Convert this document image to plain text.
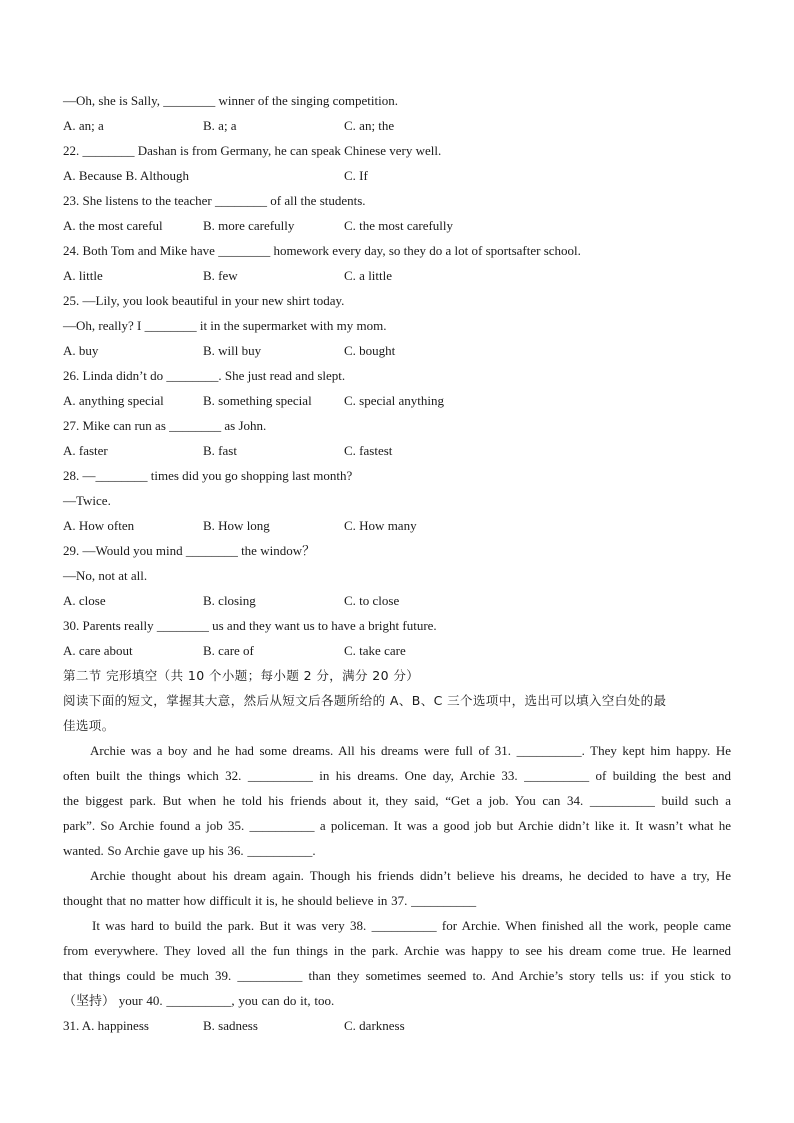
—Oh, she is Sally, ________ winner of the singing competition.
A. an; a	B. a; a	C. an; the
22. ________ Dashan is from Germany, he can speak Chinese very well.
A. Because B. Although	C. If
23. She listens to the teacher ________ of all the students.
A. the most careful	B. more carefully	C. the most carefully
24. Both Tom and Mike have ________ homework every day, so they do a lot of sportsafter school.
A. little	B. few	C. a little
25. —Lily, you look beautiful in your new shirt today.
—Oh, really? I ________ it in the supermarket with my mom.
A. buy	B. will buy	C. bought
26. Linda didn’t do ________. She just read and slept.
A. anything special	B. something special	C. special anything
27. Mike can run as ________ as John.
A. faster	B. fast	C. fastest
28. —________ times did you go shopping last month?
—Twice.
A. How often	B. How long	C. How many
29. —Would you mind ________ the window？
—No, not at all.
A. close	B. closing	C. to close
30. Parents really ________ us and they want us to have a bright future.
A. care about	B. care of	C. take care
第二节 完形填空（共 10 个小题；每小题 2 分，满分 20 分）
阅读下面的短文，掌握其大意，然后从短文后各题所给的 A、B、C 三个选项中，选出可以填入空白处的最
佳选项。
Archie was a boy and he had some dreams. All his dreams were full of 31. __________. They kept him happy. He
often built the things which 32. __________ in his dreams. One day, Archie 33. __________ of building the best and
the biggest park. But when he told his friends about it, they said, “Get a job. You can 34. __________ build such a
park”. So Archie found a job 35. __________ a policeman. It was a good job but Archie didn’t like it. It wasn’t what he
wanted. So Archie gave up his 36. __________.
Archie thought about his dream again. Though his friends didn’t believe his dreams, he decided to have a try, He
thought that no matter how difficult it is, he should believe in 37. __________
It was hard to build the park. But it was very 38. __________ for Archie. When finished all the work, people came
from everywhere. They loved all the fun things in the park. Archie was happy to see his dream come true. He learned
that things could be much 39. __________ than they sometimes seemed to. And Archie’s story tells us: if you stick to
（坚持） your 40. __________, you can do it, too.
31. A. happiness	B. sadness	C. darkness
